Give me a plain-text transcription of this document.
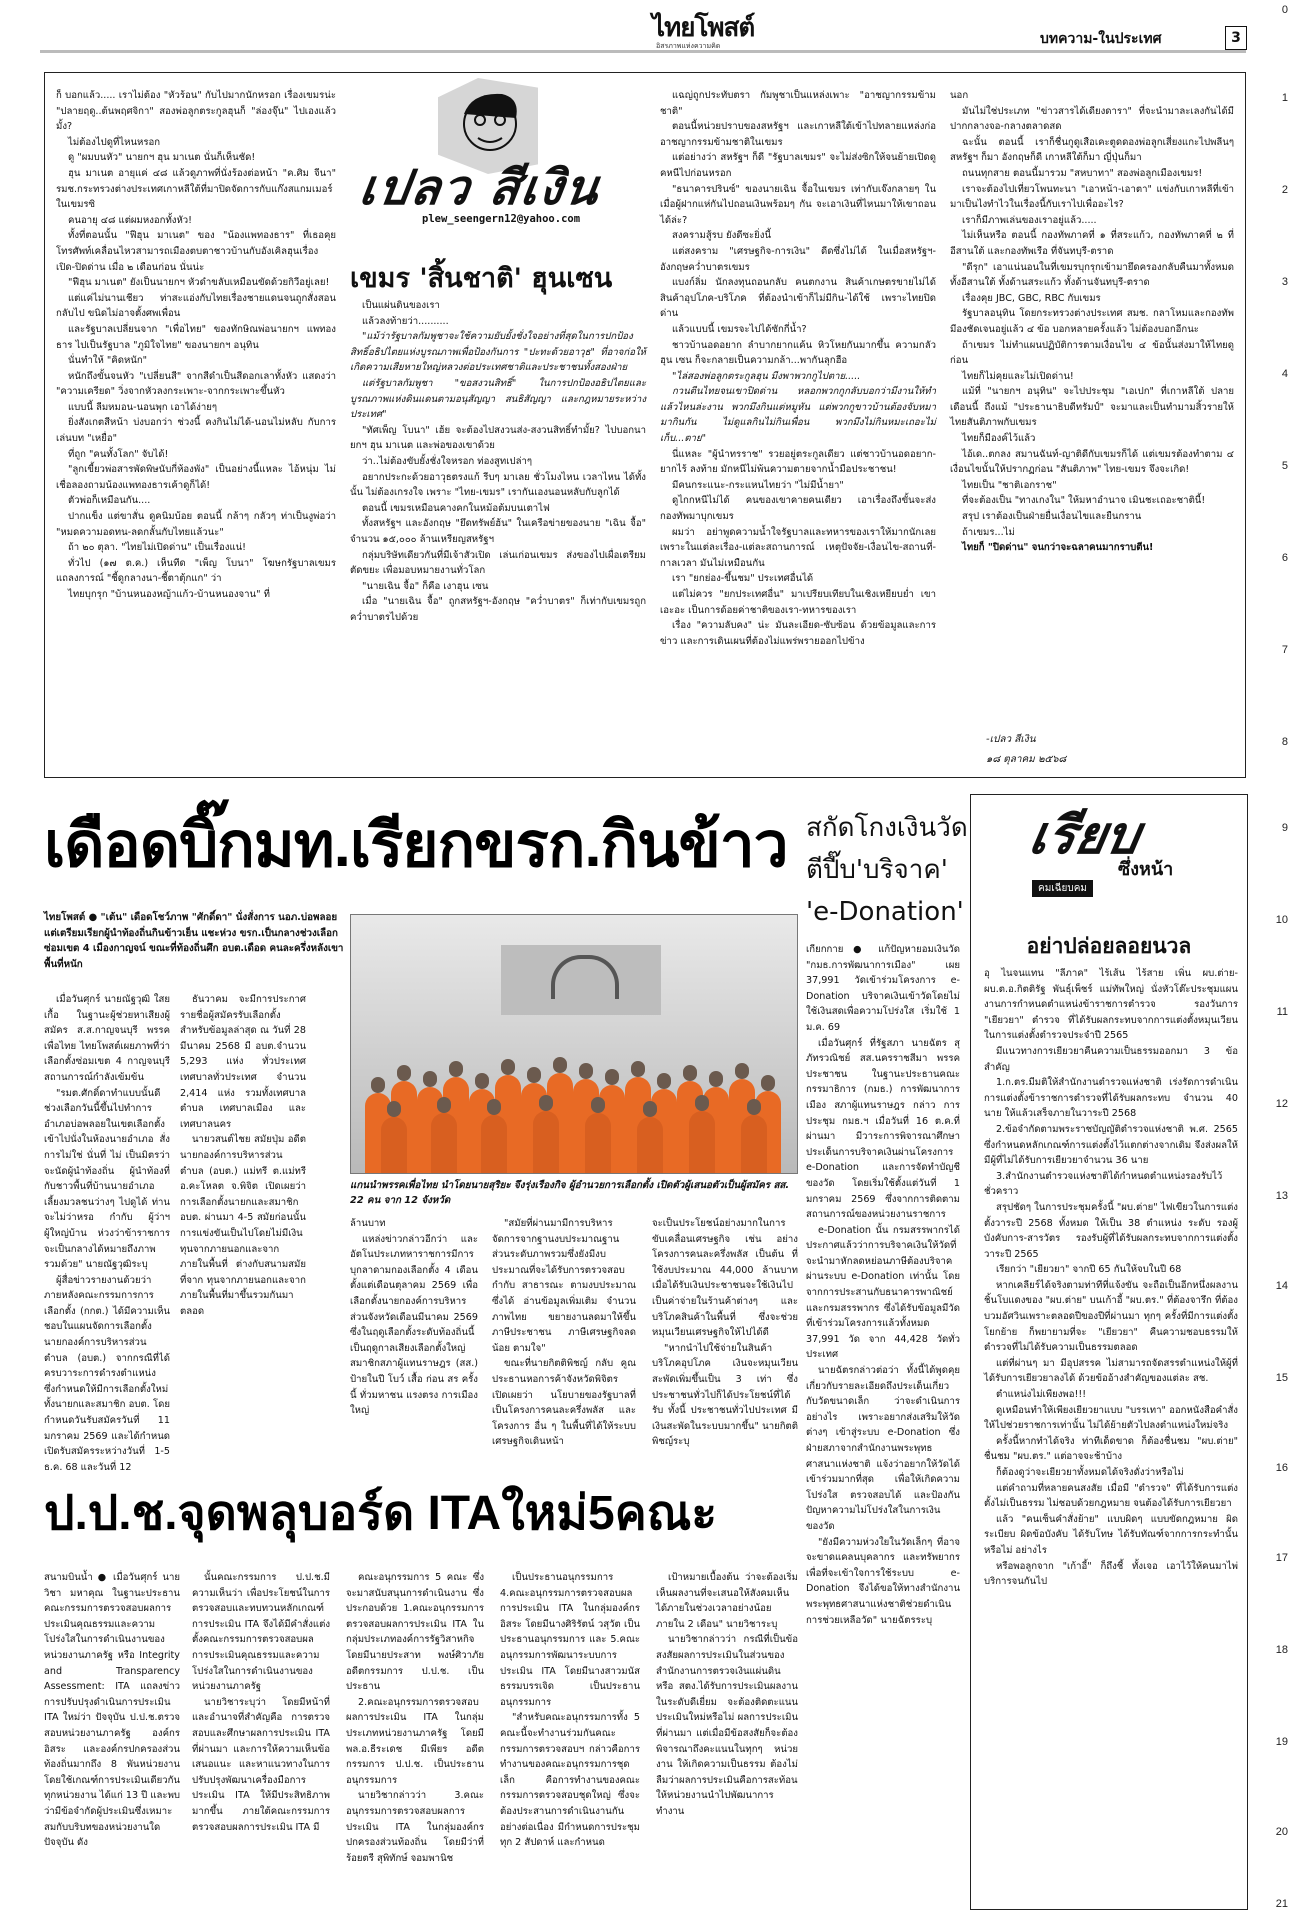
0
1
2
3
4
5
6
7
8
9
10
11
12
13
14
15
16
17
18
19
20
21
ไทยโพสต์
อิสรภาพแห่งความคิด	บทความ-ในประเทศ	3
เปลว สีเงิน
plew_seengern12@yahoo.com
เขมร 'สิ้นชาติ' ฮุนเซน

ก็ บอกแล้ว..... เราไม่ต้อง "หัวร้อน" กับไปมากนักหรอก เรื่องเขมรน่ะ "ปลายฤดู..ต้นพฤศจิกา" สองพ่อลูกตระกูลฮุนก็ "ล่องจุ๊น" ไปเองแล้วมั้ง?

ไม่ต้องไปดูที่ไหนหรอก

ดู "ผมบนหัว" นายกฯ ฮุน มาเนต นั่นก็เห็นชัด!

ฮุน มาเนต อายุแค่ ๔๘ แล้วดูภาพที่นั่งร้องต่อหน้า "ค.ศิม จีนา" รมช.กระทรวงต่างประเทศเกาหลีใต้ที่มาปิดจัดการกับแก๊งสแกมเมอร์ในเขมรซิ

คนอายุ ๔๘ แต่ผมหงอกทั้งหัว!

ทั้งที่ตอนนั้น "ฟีฮุน มาเนต" ของ "น้องแพทองธาร" ที่เธอคุยโทรศัพท์เคลื่อนไหวสามารถเมืองตบตาชาวบ้านกับอังเคิลฮุนเรื่องเปิด-ปิดด่าน เมื่อ ๒ เดือนก่อน นั่นน่ะ

"ฟีฮุน มาเนต" ยังเป็นนายกฯ หัวดำขลับเหมือนขัดด้วยกิวีอยู่เลย!

แต่แค่ไม่นานเชียว ท่าสะแอ่งกับไทยเรื่องชายแดนจนถูกสั่งสอนกลับไป ขนิดไม่อาจตั้งศพเพื่อน

และรัฐบาลเปลี่ยนจาก "เพื่อไทย" ของทักษิณพ่อนายกฯ แพทองธาร ไปเป็นรัฐบาล "ภูมิใจไทย" ของนายกฯ อนุทิน

นั่นทำให้ "คิดหนัก"

หนักถึงขั้นจนหัว "เปลี่ยนสี" จากสีดำเป็นสีดอกเลาทั้งหัว แสดงว่า "ความเครียด" วิ่งจากหัวลงกระเพาะ-จากกระเพาะขึ้นหัว

แบบนี้ ลีมหมอน-นอนพุก เอาได้ง่ายๆ

ยิ่งสังเกตสีหน้า บ่งบอกว่า ช่วงนี้ คงกินไม่ได้-นอนไม่หลับ กับการเล่นบท "เหยื่อ"

ที่ถูก "คนทั้งโลก" จับได้!

"ลูกเขี้ยวพ่อสารพัดพิษนับกี่ห้องพัง" เป็นอย่างนี้แหละ ไอ้หนุ่ม ไม่เชื่อลองถามน้องแพทองธารเค้าดูก็ได้!

ตัวพ่อก็เหมือนกัน....

ปากแข็ง แต่ขาสั่น ดูคนิมบ้อย ตอนนี้ กล้าๆ กลัวๆ ท่าเป็นงูพ่อว่า "หมดความอดทน-ลดกลั้นกับไทยแล้วนะ"

ถ้า ๒๐ ตุลา. "ไทยไม่เปิดด่าน" เป็นเรื่องแน่!

ทั่วไป (๑๗ ต.ค.) เห็นทีด "เพ็ญ โบนา" โฆษกรัฐบาลเขมร แถลงการณ์ "ชี้ดูกลางนา-ชี้ตาตุ้กแก" ว่า

ไทยบุกรุก "บ้านหนองหญ้าแก้ว-บ้านหนองจาน" ที่

เป็นแผ่นดินของเรา

แล้วลงท้ายว่า..........

"แม้ว่ารัฐบาลกัมพูชาจะใช้ความยับยั้งชั่งใจอย่างที่สุดในการปกป้องสิทธิ์อธิปไตยแห่งบูรณภาพเพื่อป้องกันการ "ปะทะด้วยอาวุธ" ที่อาจก่อให้เกิดความเสียหายใหญ่หลวงต่อประเทศชาติและประชาชนทั้งสองฝ่าย

แต่รัฐบาลกัมพูชา "ขอสงวนสิทธิ์" ในการปกป้องอธิปไตยและบูรณภาพแห่งดินแดนตามอนุสัญญา สนธิสัญญา และกฎหมายระหว่างประเทศ"

"ทัศเพ็ญ โบนา" เฮ้ย จะต้องไปสงวนส่ง-สงวนสิทธิ์ทำมั้ย? ไปบอกนายกฯ ฮุน มาเนต และพ่อของเขาด้วย

ว่า..ไม่ต้องขับยั้งชั่งใจหรอก ท่องสูทเปล่าๆ

อยากประกะด้วยอาวุธตรงแก้ รีบๆ มาเลย ชั่วโมงไหน เวลาไหน ได้ทั้งนั้น ไม่ต้องเกรงใจ เพราะ "ไทย-เขมร" เรากันเองนอนหลับกับลูกได้

ตอนนี้ เขมรเหมือนคางคกในหม้อต้มบนเตาไฟ

ทั้งสหรัฐฯ และอังกฤษ "ยึดทรัพย์ฮ้น" ในเครือข่ายของนาย "เฉิน จื้อ" จำนวน ๑๕,๐๐๐ ล้านเหรียญสหรัฐฯ

กลุ่มบริษัทเดียวกันที่มีเจ้าสัวเปิด เล่นเก่อนเขมร ส่งของไปเผื่อเตรียมตัดขยะ เพื่อมอบหมายงานทั่วโลก

"นายเฉิน จื้อ" ก็คือ เงาฮุน เซน

เมื่อ "นายเฉิน จื้อ" ถูกสหรัฐฯ-อังกฤษ "คว่ำบาตร" ก็เท่ากับเขมรถูกคว่ำบาตรไปด้วย

แฉญ่ถูกประทับตรา กัมพูชาเป็นแหล่งเพาะ "อาชญากรรมข้ามชาติ"

ตอนนี้หน่วยปราบของสหรัฐฯ และเกาหลีใต้เข้าไปทลายแหล่งก่ออาชญากรรมข้ามชาติในเขมร

แต่อย่างว่า สหรัฐฯ ก็ดี "รัฐบาลเขมร" จะไม่ส่งซิกให้จนย้ายเปิดดูคหนีไปก่อนหรอก

"ธนาคารปรินซ์" ของนายเฉิน จื้อในเขมร เท่ากับเจ๊งกลายๆ ในเมื่อผู้ฝากแห่กันไปถอนเงินพร้อมๆ กัน จะเอาเงินที่ไหนมาให้เขาถอนได้ล่ะ?

สงครามสู้รบ ยังดีซะยิ่งนี้

แต่สงคราม "เศรษฐกิจ-การเงิน" ดีดซึ่งไม่ได้ ในเมื่อสหรัฐฯ-อังกฤษคว่ำบาตรเขมร

แบงก์ลิ่ม นักลงทุนถอนกลับ คนตกงาน สินค้าเกษตรขายไม่ได้ สินค้าอุปโภค-บริโภค ที่ต้องนำเข้าก็ไม่มีกิน-ได้ใช้ เพราะไทยปิดด่าน

แล้วแบบนี้ เขมรจะไปได้ซักกี่น้ำ?

ชาวบ้านอดอยาก ลำบากยากแค้น หิวโหยกันมากขึ้น ความกลัวฮุน เซน ก็จะกลายเป็นความกล้า...พากันลุกฮือ

"ไล่สองพ่อลูกตระกูลฮุน มีงพาพวกกูไปตาย.....

กวนตีนไทยจนเขาปิดด่าน หลอกพวกกูกลับบอกว่ามีงานให้ทำ แล้วไหนล่ะงาน พวกมึงกินแต่หมูหัน แต่พวกกูขาวบ้านต้องจับหมามากินกัน ไม่ดูแลกินไม่กินเพื่อน พวกมึงไม่กินหมะเถอะไม่เก็บ...ตาย"

นี่แหละ "ผู้นำทรราช" รวยอยู่ตระกูลเดียว แต่ชาวบ้านอดอยาก-ยากไร้ ลงท้าย มักหนีไม่พ้นความตายจากน้ำมือประชาชน!

มีคนกระแนะ-กระแหนไทยว่า "ไม่มีน้ำยา"

ดูไกกหนีไม่ได้ คนของเขาคายคนเดียว เอาเรื่องถึงขั้นจะส่งกองทัพมาบุกเขมร

ผมว่า อย่าพูดความน้ำใจรัฐบาลและทหารของเราให้มากนักเลย เพราะในแต่ละเรื่อง-แต่ละสถานการณ์ เหตุปัจจัย-เงื่อนไข-สถานที่-กาลเวลา มันไม่เหมือนกัน

เรา "ยกย่อง-ขึ้นชม" ประเทศอื่นได้

แต่ไม่ควร "ยกประเทศอื่น" มาเปรียบเทียบในเชิงเหยียบย่ำ เขาเอะอะ เป็นการด้อยค่าชาติของเรา-ทหารของเรา

เรื่อง "ความลับคง" น่ะ มันละเอียด-ซับซ้อน ด้วยข้อมูลและการข่าว และการเดินเผนที่ต้องไม่แพร่พรายออกไปข้าง

นอก

มันไม่ใช่ประเภท "ข่าวสารได้เดียงดารา" ที่จะนำมาละเลงกันได้มีปากกลางจอ-กลางตลาดสด

ฉะนั้น ตอนนี้ เราก็ชื่นกูดูเสือเคะตูดดองพ่อลูกเสี่ยงแกะไปพลีนๆ สหรัฐฯ ก็มา อังกฤษก็ดี เกาหลีใต้ก็มา ญี่ปุ่นก็มา

ถนนทุกสาย ตอนนี้มารวม "สหบาทา" สองพ่อลูกเมืองเขมร!

เราจะต้องไปเที่ยวโพนทะนา "เอาหน้า-เอาตา" แข่งกับเกาหลีที่เข้ามาเป็นไงทำไวในเรื่องนี้กับเราไปเพื่ออะไร?

เราก็มีภาพเล่นของเราอยู่แล้ว.....

ไม่เห็นหรือ ตอนนี้ กองทัพภาคที่ ๑ ที่สระแก้ว, กองทัพภาคที่ ๒ ที่อีสานใต้ และกองทัพเรือ ที่จันทบุรี-ตราด

"ดีรุก" เอาแน่นอนในที่เขมรบุกรุกเข้ามายึดครองกลับคืนมาทั้งหมด ทั้งอีสานใต้ ทั้งด้านสระแก้ว ทั้งด้านจันทบุรี-ตราด

เรื่องคุย JBC, GBC, RBC กับเขมร

รัฐบาลอนุทิน โดยกระทรวงต่างประเทศ สมช. กลาโหมและกองทัพ มีองชัดเจนอยู่แล้ว ๔ ข้อ บอกหลายครั้งแล้ว ไม่ต้องบอกอีกนะ

ถ้าเขมร ไม่ทำแผนปฏิบัติการตามเงื่อนไข ๔ ข้อนั้นส่งมาให้ไทยดูก่อน

ไทยก็ไม่คุยและไม่เปิดด่าน!

แม้ที่ "นายกฯ อนุทิน" จะไปประชุม "เอเปก" ที่เกาหลีใต้ ปลายเดือนนี้ ถึงแม้ "ประธานาธิบดีทรัมป์" จะมาและเป็นทำมามสิ้วรายให้ไทยสันติภาพกับเขมร

ไทยก็มีองค์ไว้แล้ว

ไอ้เด..ตกลง สมานฉันท์-ญาติดีกับเขมรก็ได้ แต่เขมรต้องทำตาม ๔ เงื่อนไขนั้นให้ปรากฏก่อน "สันติภาพ" ไทย-เขมร จึงจะเกิด!

ไทยเป็น "ชาติเอกราช"

ที่จะต้องเป็น "ทางเกงใน" ให้มหาอำนาจ เมินชะเถอะชาตินี้!

สรุป เราต้องเป็นฝ่ายยื่นเงื่อนไขและยืนกราน

ถ้าเขมร...ไม่

ไทยก็ "ปิดด่าน" จนกว่าจะฉลาคนมากราบตีน!

-เปลว สีเงิน
๑๘ ตุลาคม ๒๕๖๘
เดือดบิ๊กมท.เรียกขรก.กินข้าว
ไทยโพสต์ ● "เต้น" เดือดโชว์ภาพ "ศักดิ์ดา" นั่งสั่งการ นอภ.บ่อพลอยแต่เตรียมเรียกผู้นำท้องถิ่นกินข้าวเย็น แชะห่วง ขรก.เป็นกลางช่วงเลือกซ่อมเขต 4 เมืองกาญจน์ ขณะที่ท้องถิ่นศึก อบต.เดือด คนละครึ่งหลังเขาพื้นที่หนัก

เมื่อวันศุกร์ นายณัฐวุฒิ ใสยเกื้อ ในฐานะผู้ช่วยหาเสียงผู้สมัคร ส.ส.กาญจนบุรี พรรคเพื่อไทย ไทยโพสต์เผยภาพที่ว่า เลือกตั้งซ่อมเขต 4 กาญจนบุรี สถานการณ์กำลังเข้มข้น

"รมต.ศักดิ์ดาทำแบบนั้นดี ช่วงเลือกวันนี้ขึ้นไปทำการอำเภอบ่อพลอยในเขตเลือกตั้งเข้าไปนั่งในห้องนายอำเภอ สั่งการไม่ใช่ นั่นที่ ไม่ เป็นมิตรว่าจะนัดผู้นำท้องถิ่น ผู้นำท้องที่ กับชาวพื้นที่บ้านนายอำเภอ เลี้ยงมวลชนว่างๆ ไปดูได้ ท่านจะไม่ว่าหรอ กำกับ ผู้ว่าฯ ผู้ใหญ่บ้าน ห่วงว่าข้าราชการจะเป็นกลางได้หมายถึงภาพรวมด้วย" นายณัฐวุฒิระบุ

ผู้สื่อข่าวรายงานด้วยว่า ภายหลังคณะกรรมการการเลือกตั้ง (กกต.) ได้มีความเห็นชอบในแผนจัดการเลือกตั้งนายกองค์การบริหารส่วนตำบล (อบต.) จากกรณีที่ได้ครบวาระการดำรงตำแหน่ง ซึ่งกำหนดให้มีการเลือกตั้งใหม่ทั้งนายกและสมาชิก อบต. โดยกำหนดวันรับสมัครวันที่ 11 มกราคม 2569 และได้กำหนดเปิดรับสมัครระหว่างวันที่ 1-5 ธ.ค. 68 และวันที่ 12

ธันวาคม จะมีการประกาศรายชื่อผู้สมัครรับเลือกตั้ง สำหรับข้อมูลล่าสุด ณ วันที่ 28 มีนาคม 2568 มี อบต.จำนวน 5,293 แห่ง ทั่วประเทศ เทศบาลทั่วประเทศ จำนวน 2,414 แห่ง รวมทั้งเทศบาลตำบล เทศบาลเมือง และเทศบาลนคร

นายวสนต์ไชย สมัยปุ่ม อดีตนายกองค์การบริหารส่วนตำบล (อบต.) แม่ทรี ต.แม่ทรี อ.คะโหลต จ.พิจิต เปิดเผยว่า การเลือกตั้งนายกและสมาชิก อบต. ผ่านมา 4-5 สมัยก่อนนั้น การแข่งขันเป็นไปโดยไม่มีเงินทุนจากภายนอกและจากภายในพื้นที่ ต่างกับสนามสมัยที่จาก ทุนจากภายนอกและจากภายในพื้นที่มาขึ้นรวมกันมาตลอด

แกนนำพรรคเพื่อไทย นำโดยนายสุริยะ จึงรุ่งเรืองกิจ ผู้อำนวยการเลือกตั้ง เปิดตัวผู้เสนอตัวเป็นผู้สมัคร สส. 22 คน จาก 12 จังหวัด

ล้านบาท

แหล่งข่าวกล่าวอีกว่า และอัตโนประเภทหาราชการมีการบุกลาดามกองเลือกตั้ง 4 เดือน ตั้งแต่เดือนตุลาคม 2569 เพื่อเลือกตั้งนายกองค์การบริหารส่วนจังหวัดเดือนมีนาคม 2569 ซึ่งในฤดูเลือกตั้งระดับท้องถิ่นนี้ เป็นฤดูกาลเสียงเลือกตั้งใหญ่ สมาชิกสภาผู้แทนราษฎร (สส.) ป้ายในปี โบว์ เสื้อ ก่อน สร ครั้งนี้ ทั่วมหาชน แรงตรง การเมืองใหญ่

"สมัยที่ผ่านมามีการบริหารจัดการจากฐานงบประมาณฐานส่วนระดับภาพรวมซึ่งยังมีงบประมาณที่จะได้รับการตรวจสอบ กำกับ สาธารณะ ตามงบประมาณ ซึ่งได้ อ่านข้อมูลเพิ่มเติม จำนวนภาพไทย ขยายงานลดมาให้ขึ้น ภาษีประชาชน ภาษีเศรษฐกิจลดน้อย ตามใจ"

ขณะที่นายกิตติพิชญ์ กลับ คูณ ประธานหอการค้าจังหวัดพิจิตร เปิดเผยว่า นโยบายของรัฐบาลที่เป็นโครงการคนละครึ่งพลัส และโครงการ อื่น ๆ ในพื้นที่ได้ให้ระบบเศรษฐกิจเดินหน้า

จะเป็นประโยชน์อย่างมากในการขับเคลื่อนเศรษฐกิจ เช่น อย่างโครงการคนละครึ่งพลัส เป็นต้น ที่ใช้งบประมาณ 44,000 ล้านบาท เมื่อได้รับเงินประชาชนจะใช้เงินไปเป็นค่าจ่ายในร้านค้าต่างๆ และบริโภคสินค้าในพื้นที่ ซึ่งจะช่วยหมุนเวียนเศรษฐกิจให้ไปได้ดี

"หากนำไปใช้จ่ายในสินค้าบริโภคอุปโภค เงินจะหมุนเวียนสะพัดเพิ่มขึ้นเป็น 3 เท่า ซึ่งประชาชนทั่วไปก็ได้ประโยชน์ที่ได้รับ ทั้งนี้ ประชาชนทั่วไปประเทศ มีเงินสะพัดในระบบมากขึ้น" นายกิตติพิชญ์ระบุ

สกัดโกงเงินวัด
ตีปี๊บ'บริจาค'
'e-Donation'

เกียกกาย ● แก้ปัญหายอมเงินวัด "กมธ.การพัฒนาการเมือง" เผย 37,991 วัดเข้าร่วมโครงการ e-Donation บริจาคเงินเข้าวัดโดยไม่ใช้เงินสดเพื่อความโปร่งใส เริ่มใช้ 1 ม.ค. 69

เมื่อวันศุกร์ ที่รัฐสภา นายฉัตร สุภัทรวณิชย์ สส.นครราชสีมา พรรคประชาชน ในฐานะประธานคณะกรรมาธิการ (กมธ.) การพัฒนาการเมือง สภาผู้แทนราษฎร กล่าว การประชุม กมธ.ฯ เมื่อวันที่ 16 ต.ค.ที่ผ่านมา มีวาระการพิจารณาศึกษาประเด็นการบริจาคเงินผ่านโครงการ e-Donation และการจัดทำบัญชีของวัด โดยเริ่มใช้ตั้งแต่วันที่ 1 มกราคม 2569 ซึ่งจากการติดตามสถานการณ์ของหน่วยงานราชการ

e-Donation นั้น กรมสรรพากรได้ประกาศแล้วว่าการบริจาคเงินให้วัดที่จะนำมาหักลดหย่อนภาษีต้องบริจาคผ่านระบบ e-Donation เท่านั้น โดยจากการประสานกับธนาคารพาณิชย์และกรมสรรพากร ซึ่งได้รับข้อมูลมีวัดที่เข้าร่วมโครงการแล้วทั้งหมด 37,991 วัด จาก 44,428 วัดทั่วประเทศ

นายฉัตรกล่าวต่อว่า ทั้งนี้ได้พูดคุยเกี่ยวกับรายละเอียดถึงประเด็นเกี่ยวกับวัดขนาดเล็ก ว่าจะดำเนินการอย่างไร เพราะอยากส่งเสริมให้วัดต่างๆ เข้าสู่ระบบ e-Donation ซึ่งฝ่ายสภาจากสำนักงานพระพุทธศาสนาแห่งชาติ แจ้งว่าอยากให้วัดได้เข้าร่วมมากที่สุด เพื่อให้เกิดความโปร่งใส ตรวจสอบได้ และป้องกันปัญหาความไม่โปร่งใสในการเงินของวัด

"ยังมีความห่วงใยในวัดเล็กๆ ที่อาจจะขาดแคลนบุคลากร และทรัพยากร เพื่อที่จะเข้าใจการใช้ระบบ e-Donation จึงได้ขอให้ทางสำนักงานพระพุทธศาสนาแห่งชาติช่วยดำเนินการช่วยเหลือวัด" นายฉัตรระบุ

ป.ป.ช.จุดพลุบอร์ด ITAใหม่5คณะ

สนามบินน้ำ ● เมื่อวันศุกร์ นายวิชา มหาคุณ ในฐานะประธานคณะกรรมการตรวจสอบผลการประเมินคุณธรรมและความโปร่งใสในการดำเนินงานของหน่วยงานภาครัฐ หรือ Integrity and Transparency Assessment: ITA แถลงข่าวการปรับปรุงดำเนินการประเมิน ITA ใหม่ว่า ปัจจุบัน ป.ป.ช.ตรวจสอบหน่วยงานภาครัฐ องค์กรอิสระ และองค์กรปกครองส่วนท้องถิ่นมากถึง 8 พันหน่วยงาน โดยใช้เกณฑ์การประเมินเดียวกันทุกหน่วยงาน ได้แก่ 13 ปี และพบว่ามีข้อจำกัดผู้ประเมินซึ่งเหมาะสมกับบริบทของหน่วยงานใดปัจจุบัน ดัง

นั้นคณะกรรมการ ป.ป.ช.มีความเห็นว่า เพื่อประโยชน์ในการตรวจสอบและทบทวนหลักเกณฑ์การประเมิน ITA จึงได้มีคำสั่งแต่งตั้งคณะกรรมการตรวจสอบผลการประเมินคุณธรรมและความโปร่งใสในการดำเนินงานของหน่วยงานภาครัฐ

นายวิชาระบุว่า โดยมีหน้าที่และอำนาจที่สำคัญคือ การตรวจสอบและศึกษาผลการประเมิน ITA ที่ผ่านมา และการให้ความเห็นข้อเสนอแนะ และหาแนวทางในการปรับปรุงพัฒนาเครื่องมือการประเมิน ITA ให้มีประสิทธิภาพมากขึ้น ภายใต้คณะกรรมการตรวจสอบผลการประเมิน ITA มี

คณะอนุกรรมการ 5 คณะ ซึ่งจะมาสนับสนุนการดำเนินงาน ซึ่งประกอบด้วย 1.คณะอนุกรรมการตรวจสอบผลการประเมิน ITA ในกลุ่มประเภทองค์การรัฐวิสาหกิจ โดยมีนายประสาท พงษ์ศิวาภัย อดีตกรรมการ ป.ป.ช. เป็นประธาน

2.คณะอนุกรรมการตรวจสอบผลการประเมิน ITA ในกลุ่มประเภทหน่วยงานภาครัฐ โดยมี พล.อ.ธีระเดช มีเพียร อดีตกรรมการ ป.ป.ช. เป็นประธานอนุกรรมการ

นายวิชากล่าวว่า 3.คณะอนุกรรมการตรวจสอบผลการประเมิน ITA ในกลุ่มองค์กรปกครองส่วนท้องถิ่น โดยมีว่าที่ร้อยตรี สุพิทักษ์ จอมพานิช

เป็นประธานอนุกรรมการ 4.คณะอนุกรรมการตรวจสอบผลการประเมิน ITA ในกลุ่มองค์กรอิสระ โดยมีนางศิริรัตน์ วสุวัต เป็นประธานอนุกรรมการ และ 5.คณะอนุกรรมการพัฒนาระบบการประเมิน ITA โดยมีนางสาวมนัส ธรรมบรรเจิด เป็นประธานอนุกรรมการ

"สำหรับคณะอนุกรรมการทั้ง 5 คณะนี้จะทำงานร่วมกันคณะกรรมการตรวจสอบฯ กล่าวคือการทำงานของคณะอนุกรรมการชุดเล็ก คือการทำงานของคณะกรรมการตรวจสอบชุดใหญ่ ซึ่งจะต้องประสานการดำเนินงานกันอย่างต่อเนื่อง มีกำหนดการประชุมทุก 2 สัปดาห์ และกำหนด

เป้าหมายเบื้องต้น ว่าจะต้องเริ่มเห็นผลงานที่จะเสนอให้สังคมเห็นได้ภายในช่วงเวลาอย่างน้อยภายใน 2 เดือน" นายวิชาระบุ

นายวิชากล่าวว่า กรณีที่เป็นข้อสงสัยผลการประเมินในส่วนของสำนักงานการตรวจเงินแผ่นดิน หรือ สตง.ได้รับการประเมินผลงานในระดับดีเยี่ยม จะต้องติดตะแนนประเมินใหม่หรือไม่ ผลการประเมินที่ผ่านมา แต่เมื่อมีข้อสงสัยก็จะต้องพิจารณาถึงคะแนนในทุกๆ หน่วยงาน ให้เกิดความเป็นธรรม ต้องไม่ลืมว่าผลการประเมินคือการสะท้อนให้หน่วยงานนำไปพัฒนาการทำงาน

เรียบ
ซึ่งหน้า
คมเฉียบคม
อย่าปล่อยลอยนวล

อุ ไนจนแทน "ลีภาค" ไร้เส้น ไร้สาย เพิ่น ผบ.ต่าย-ผบ.ต.อ.กิตติรัฐ พันธุ์เพ็ชร์ แม่ทัพใหญ่ นั่งหัวโต๊ะประชุมแผนงานการกำหนดตำแหน่งข้าราชการตำรวจ รองวันการ "เยียวยา" ตำรวจ ที่ได้รับผลกระทบจากการแต่งตั้งหมุนเวียน ในการแต่งตั้งตำรวจประจำปี 2565

มีแนวทางการเยียวยาคืนความเป็นธรรมออกมา 3 ข้อสำคัญ

1.ก.ตร.มีมติให้สำนักงานตำรวจแห่งชาติ เร่งรัดการดำเนินการแต่งตั้งข้าราชการตำรวจที่ได้รับผลกระทบ จำนวน 40 นาย ให้แล้วเสร็จภายในวาระปี 2568

2.ข้อจำกัดตามพระราชบัญญัติตำรวจแห่งชาติ พ.ศ. 2565 ซึ่งกำหนดหลักเกณฑ์การแต่งตั้งไว้แตกต่างจากเดิม จึงส่งผลให้มีผู้ที่ไม่ได้รับการเยียวยาจำนวน 36 นาย

3.สำนักงานตำรวจแห่งชาติได้กำหนดตำแหน่งรองรับไว้ชั่วคราว

สรุปชัดๆ ในการประชุมครั้งนี้ "ผบ.ต่าย" ไฟเขียวในการแต่งตั้งวาระปี 2568 ทั้งหมด ให้เป็น 38 ตำแหน่ง ระดับ รองผู้บังคับการ-สารวัตร รองรับผู้ที่ได้รับผลกระทบจากการแต่งตั้งวาระปี 2565

เรียกว่า "เยียวยา" จากปี 65 กันให้จบในปี 68

หากเคลียร์ได้จริงตามท่าทีที่แจ้งขัน จะถือเป็นอีกหนึ่งผลงานชิ้นโบแดงของ "ผบ.ต่าย" บนเก้าอี้ "ผบ.ตร." ที่ต้องจารึก ที่ต้องบวมอัศวินเพราะตลอดปีของปีที่ผ่านมา ทุกๆ ครั้งที่มีการแต่งตั้งโยกย้าย ก็พยายามที่จะ "เยียวยา" คืนความชอบธรรมให้ตำรวจที่ไม่ได้รับความเป็นธรรมตลอด

แต่ที่ผ่านๆ มา มีอุปสรรค ไม่สามารถจัดสรรตำแหน่งให้ผู้ที่ได้รับการเยียวยาลงได้ ด้วยข้ออ้างสำคัญของแต่ละ สช.

ตำแหน่งไม่เพียงพอ!!!

ดูเหมือนทำให้เพียงเยียวยาแบบ "บรรเทา" ออกหนังสือคำสั่งให้ไปช่วยราชการเท่านั้น ไม่ได้ย้ายตัวไปลงตำแหน่งใหม่จริง

ครั้งนี้หากทำได้จริง ท่าทีเด็ดขาด ก็ต้องชื่นชม "ผบ.ต่าย" ชื่นชม "ผบ.ตร." แต่อาจจะช้าบ้าง

ก็ต้องดูว่าจะเยียวยาทั้งหมดได้จริงดั่งว่าหรือไม่

แต่คำถามที่หลายคนสงสัย เมื่อมี "ตำรวจ" ที่ได้รับการแต่งตั้งไม่เป็นธรรม ไม่ชอบด้วยกฎหมาย จนต้องได้รับการเยียวยา

แล้ว "คนเซ็นคำสั่งย้าย" แบบผิดๆ แบบขัดกฎหมาย ผิดระเบียบ ผิดข้อบังคับ ได้รับโทษ ได้รับทัณฑ์จากการกระทำนั้นหรือไม่ อย่างไร

หรือพอลูกจาก "เก้าอี้" ก็ถึงชี้ ทั้งเจอ เอาไว้ให้คนมาไพ่บริการจนกันไป
